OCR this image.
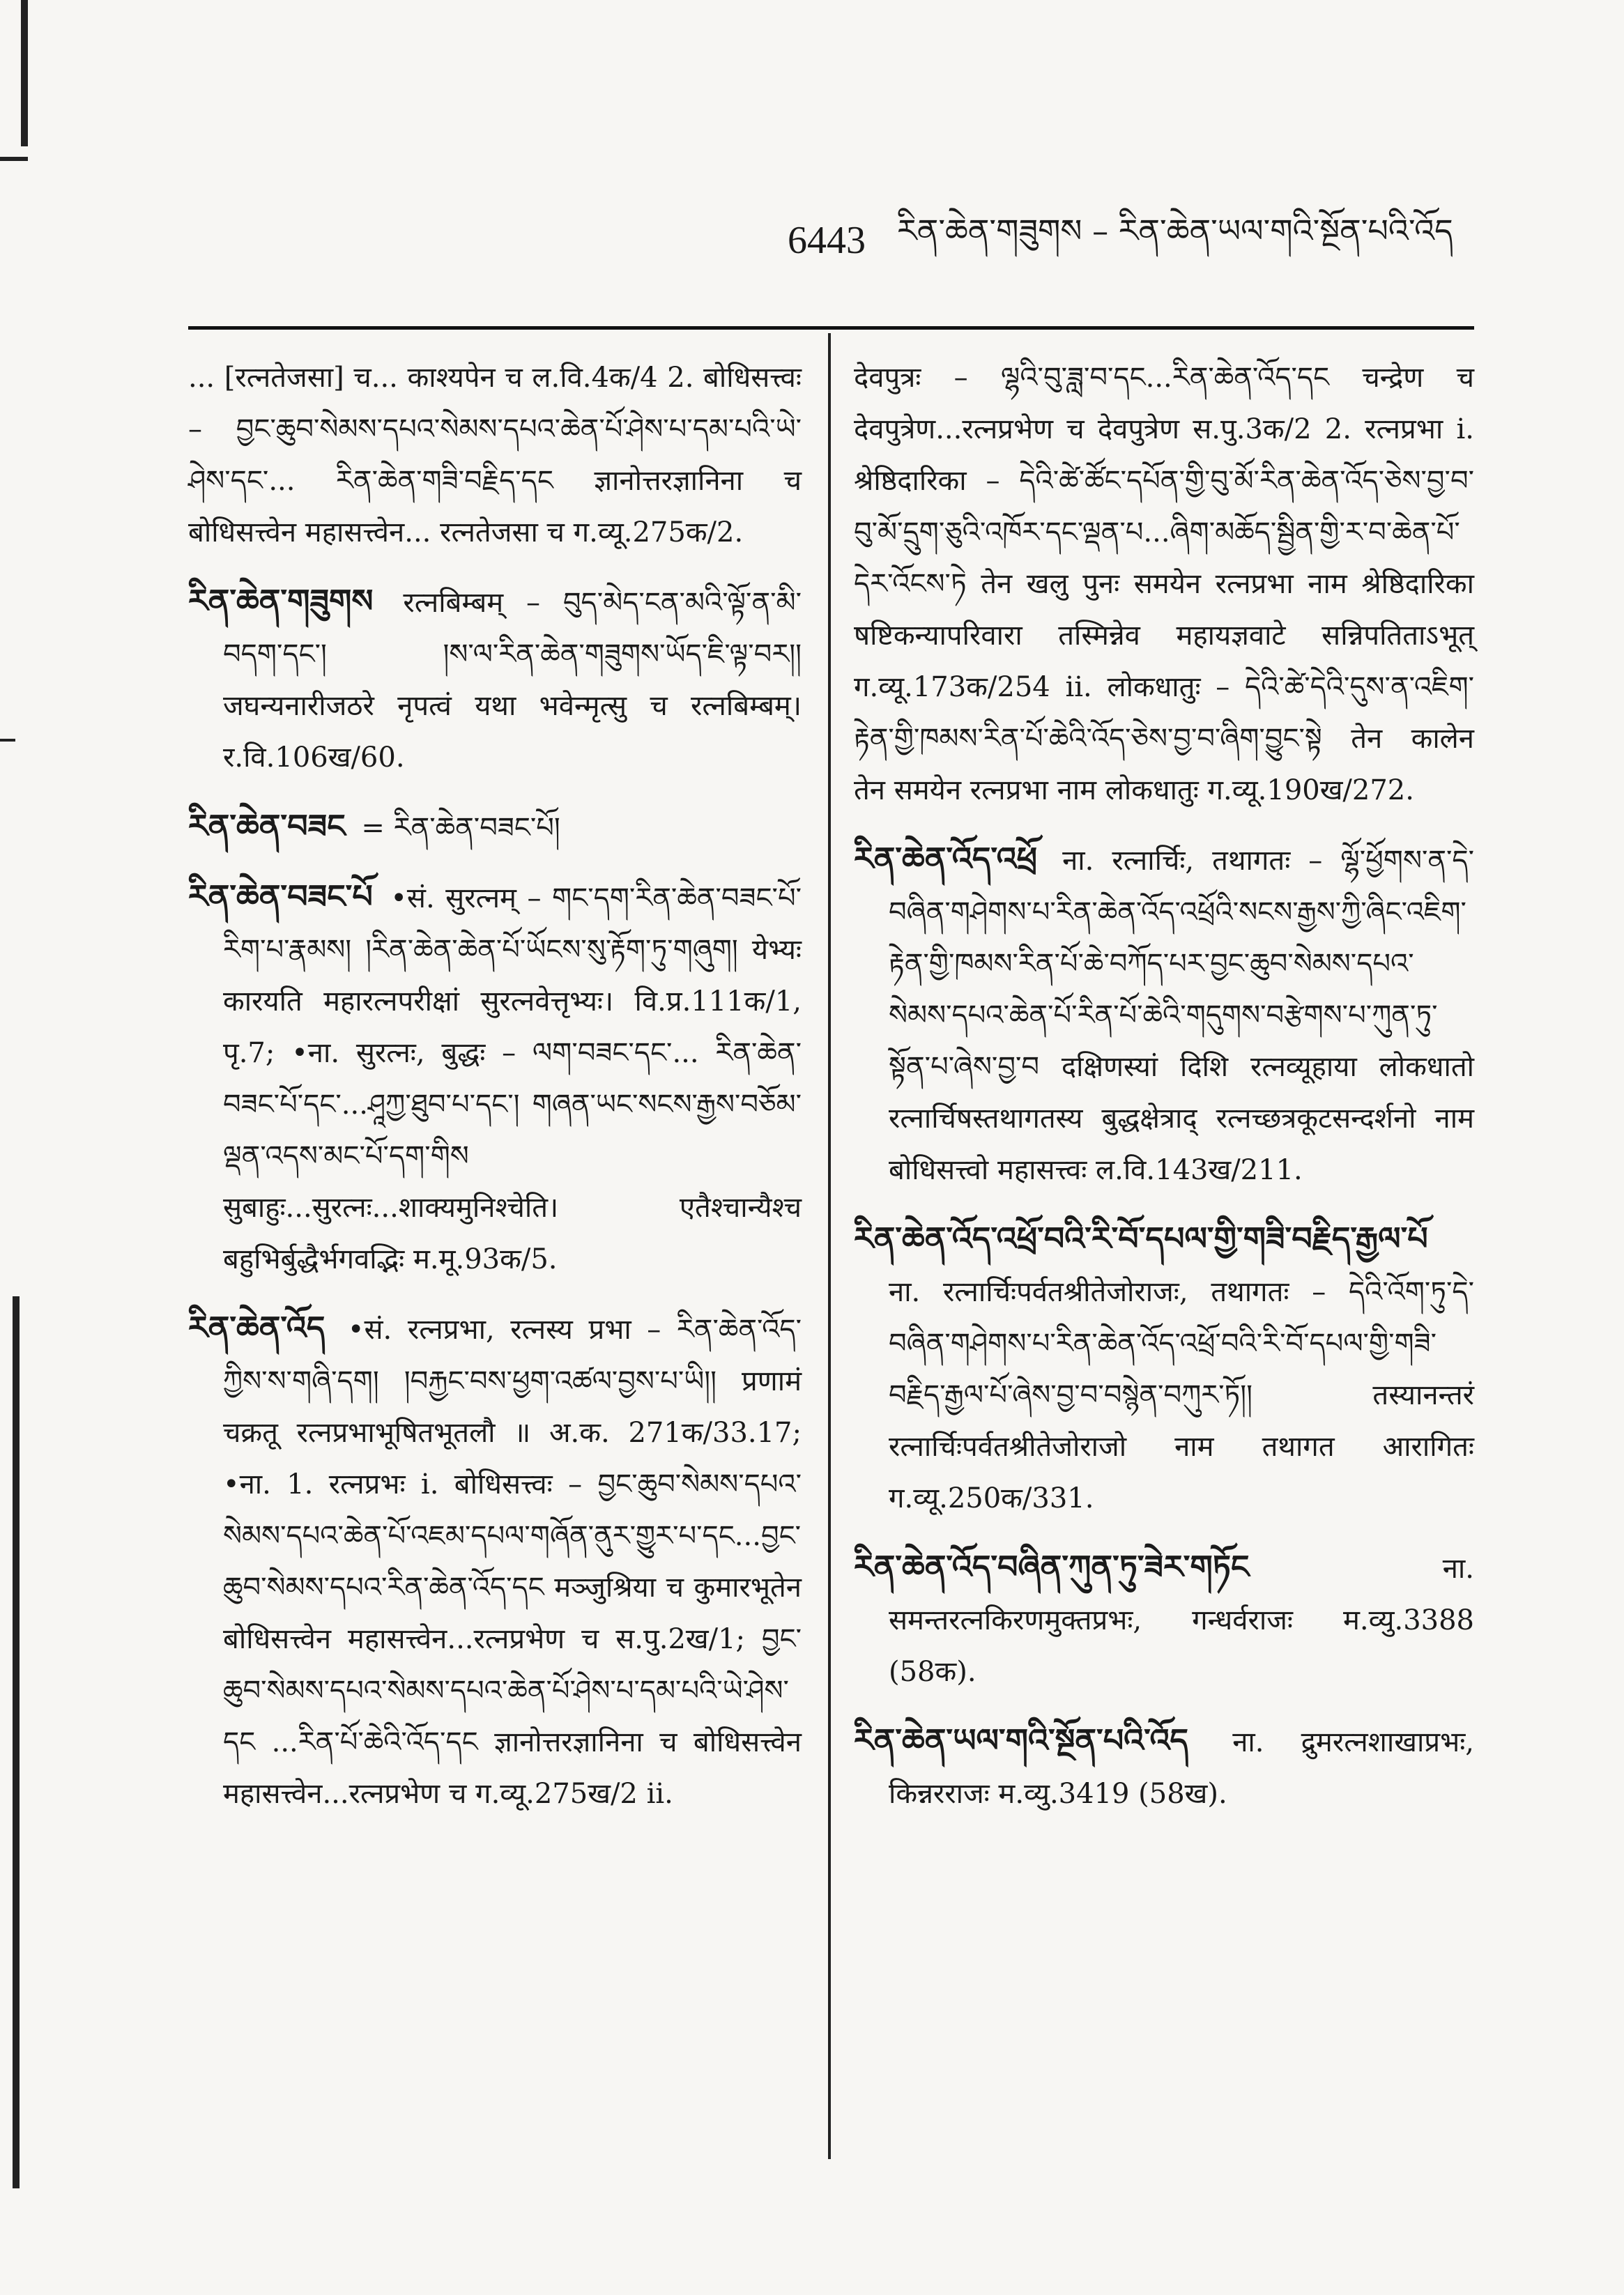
6443 རིན་ཆེན་གཟུགས – རིན་ཆེན་ཡལ་གའི་སྔོན་པའི་འོད

... [रत्नतेजसा] च... काश्यपेन च ल.वि.4क/4 2. बोधिसत्त्वः – བྱང་ཆུབ་སེམས་དཔའ་སེམས་དཔའ་ཆེན་པོ་ཤེས་པ་དམ་པའི་ཡེ་ཤེས་དང་... རིན་ཆེན་གཟི་བརྗིད་དང ज्ञानोत्तरज्ञानिना च बोधिसत्त्वेन महासत्त्वेन... रत्नतेजसा च ग.व्यू.275क/2.

རིན་ཆེན་གཟུགས रत्नबिम्बम् – བུད་མེད་ངན་མའི་ལྟོ་ན་མི་བདག་དང་། །ས་ལ་རིན་ཆེན་གཟུགས་ཡོད་ཇི་ལྟ་བར།། जघन्यनारीजठरे नृपत्वं यथा भवेन्मृत्सु च रत्नबिम्बम्। र.वि.106ख/60.

རིན་ཆེན་བཟང = རིན་ཆེན་བཟང་པོ།

རིན་ཆེན་བཟང་པོ •सं. सुरत्नम् – གང་དག་རིན་ཆེན་བཟང་པོ་རིག་པ་རྣམས། །རིན་ཆེན་ཆེན་པོ་ཡོངས་སུ་རྟོག་ཏུ་གཞུག། येभ्यः कारयति महारत्नपरीक्षां सुरत्नवेत्तृभ्यः। वि.प्र.111क/1, पृ.7; •ना. सुरत्नः, बुद्धः – ལག་བཟང་དང་... རིན་ཆེན་བཟང་པོ་དང་...ཤཱཀྱ་ཐུབ་པ་དང་། གཞན་ཡང་སངས་རྒྱས་བཅོམ་ལྡན་འདས་མང་པོ་དག་གིས सुबाहुः...सुरत्नः...शाक्यमुनिश्चेति। एतैश्चान्यैश्च बहुभिर्बुद्धैर्भगवद्भिः म.मू.93क/5.

རིན་ཆེན་འོད •सं. रत्नप्रभा, रत्नस्य प्रभा – རིན་ཆེན་འོད་ཀྱིས་ས་གཞི་དག། །བརྐྱང་བས་ཕྱག་འཚལ་བྱས་པ་ཡི།། प्रणामं चक्रतू रत्नप्रभाभूषितभूतलौ ॥ अ.क. 271क/33.17; •ना. 1. रत्नप्रभः i. बोधिसत्त्वः – བྱང་ཆུབ་སེམས་དཔའ་སེམས་དཔའ་ཆེན་པོ་འཇམ་དཔལ་གཞོན་ནུར་གྱུར་པ་དང...བྱང་ཆུབ་སེམས་དཔའ་རིན་ཆེན་འོད་དང मञ्जुश्रिया च कुमारभूतेन बोधिसत्त्वेन महासत्त्वेन...रत्नप्रभेण च स.पु.2ख/1; བྱང་ཆུབ་སེམས་དཔའ་སེམས་དཔའ་ཆེན་པོ་ཤེས་པ་དམ་པའི་ཡེ་ཤེས་དང ...རིན་པོ་ཆེའི་འོད་དང ज्ञानोत्तरज्ञानिना च बोधिसत्त्वेन महासत्त्वेन...रत्नप्रभेण च ग.व्यू.275ख/2 ii.

देवपुत्रः – ལྷའི་བུ་ཟླ་བ་དང...རིན་ཆེན་འོད་དང चन्द्रेण च देवपुत्रेण...रत्नप्रभेण च देवपुत्रेण स.पु.3क/2 2. रत्नप्रभा i. श्रेष्ठिदारिका – དེའི་ཚེ་ཚོང་དཔོན་གྱི་བུ་མོ་རིན་ཆེན་འོད་ཅེས་བྱ་བ་བུ་མོ་དྲུག་ཅུའི་འཁོར་དང་ལྡན་པ...ཞིག་མཆོད་སྦྱིན་གྱི་ར་བ་ཆེན་པོ་དེར་འོངས་ཏེ तेन खलु पुनः समयेन रत्नप्रभा नाम श्रेष्ठिदारिका षष्टिकन्यापरिवारा तस्मिन्नेव महायज्ञवाटे सन्निपतिताऽभूत् ग.व्यू.173क/254 ii. लोकधातुः – དེའི་ཚེ་དེའི་དུས་ན་འཇིག་རྟེན་གྱི་ཁམས་རིན་པོ་ཆེའི་འོད་ཅེས་བྱ་བ་ཞིག་བྱུང་སྟེ तेन कालेन तेन समयेन रत्नप्रभा नाम लोकधातुः ग.व्यू.190ख/272.

རིན་ཆེན་འོད་འཕྲོ ना. रत्नार्चिः, तथागतः – ལྷོ་ཕྱོགས་ན་དེ་བཞིན་གཤེགས་པ་རིན་ཆེན་འོད་འཕྲོའི་སངས་རྒྱས་ཀྱི་ཞིང་འཇིག་རྟེན་གྱི་ཁམས་རིན་པོ་ཆེ་བཀོད་པར་བྱང་ཆུབ་སེམས་དཔའ་སེམས་དཔའ་ཆེན་པོ་རིན་པོ་ཆེའི་གདུགས་བརྩེགས་པ་ཀུན་ཏུ་སྟོན་པ་ཞེས་བྱ་བ दक्षिणस्यां दिशि रत्नव्यूहाया लोकधातो रत्नार्चिषस्तथागतस्य बुद्धक्षेत्राद् रत्नच्छत्रकूटसन्दर्शनो नाम बोधिसत्त्वो महासत्त्वः ल.वि.143ख/211.

རིན་ཆེན་འོད་འཕྲོ་བའི་རི་བོ་དཔལ་གྱི་གཟི་བརྗིད་རྒྱལ་པོ ना. रत्नार्चिःपर्वतश्रीतेजोराजः, तथागतः – དེའི་འོག་ཏུ་དེ་བཞིན་གཤེགས་པ་རིན་ཆེན་འོད་འཕྲོ་བའི་རི་བོ་དཔལ་གྱི་གཟི་བརྗིད་རྒྱལ་པོ་ཞེས་བྱ་བ་བསྙེན་བཀུར་ཏོ།། तस्यानन्तरं रत्नार्चिःपर्वतश्रीतेजोराजो नाम तथागत आरागितः ग.व्यू.250क/331.

རིན་ཆེན་འོད་བཞིན་ཀུན་ཏུ་ཟེར་གཏོང	ना. समन्तरत्नकिरणमुक्तप्रभः, गन्धर्वराजः म.व्यु.3388 (58क).

རིན་ཆེན་ཡལ་གའི་སྔོན་པའི་འོད ना. द्रुमरत्नशाखाप्रभः, किन्नरराजः म.व्यु.3419 (58ख).
